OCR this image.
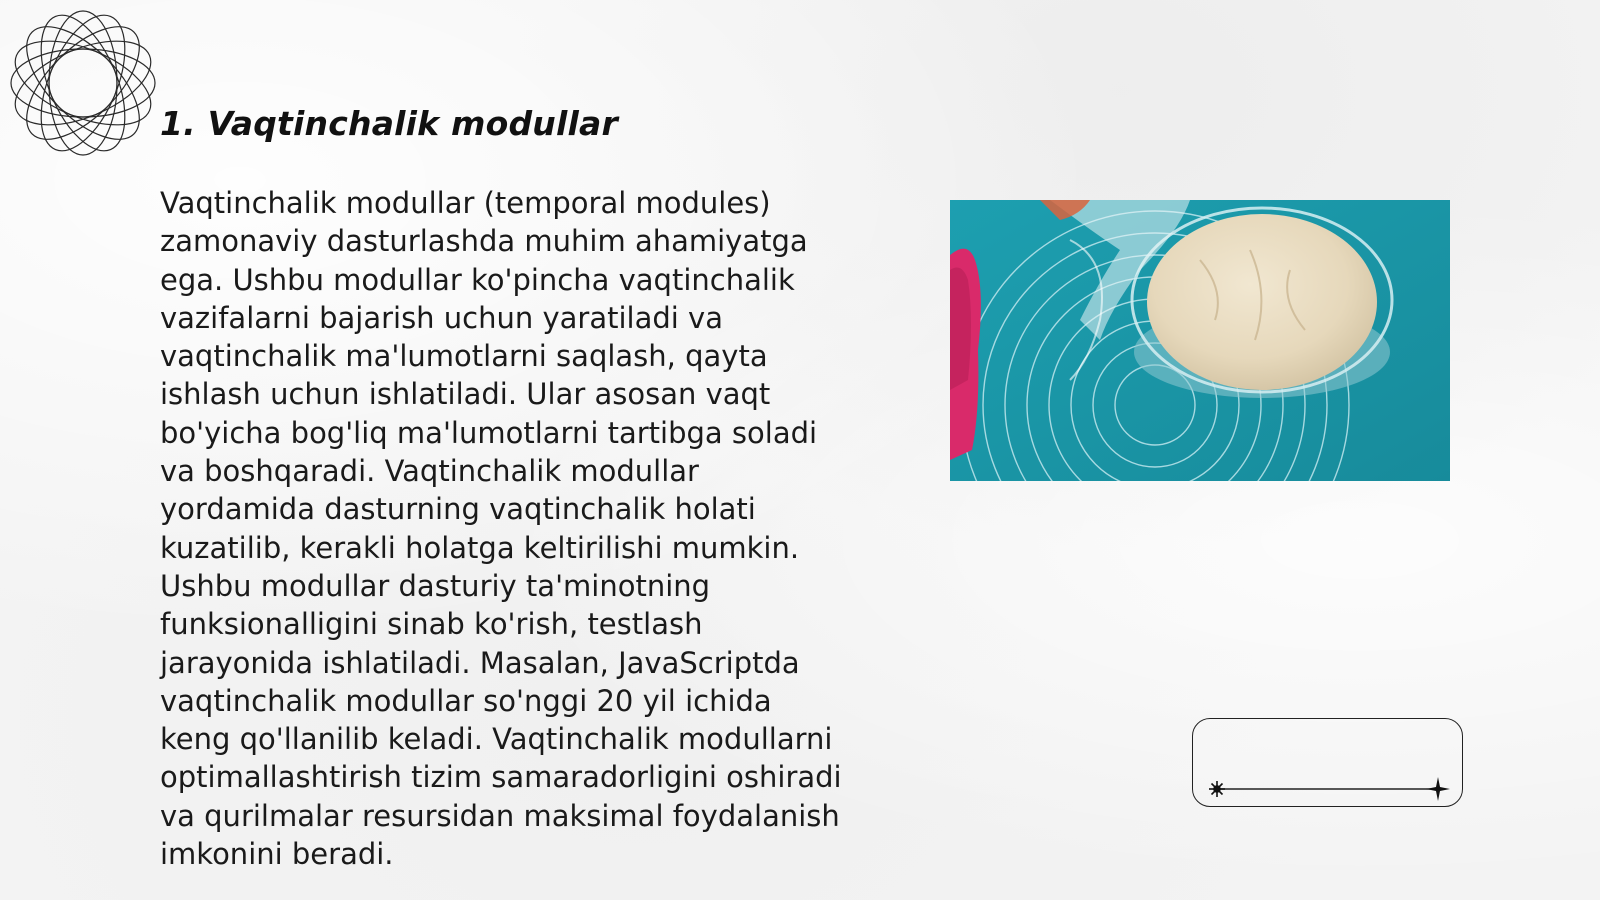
1. Vaqtinchalik modullar

Vaqtinchalik modullar (temporal modules) zamonaviy dasturlashda muhim ahamiyatga ega. Ushbu modullar ko'pincha vaqtinchalik vazifalarni bajarish uchun yaratiladi va vaqtinchalik ma'lumotlarni saqlash, qayta ishlash uchun ishlatiladi. Ular asosan vaqt bo'yicha bog'liq ma'lumotlarni tartibga soladi va boshqaradi. Vaqtinchalik modullar yordamida dasturning vaqtinchalik holati kuzatilib, kerakli holatga keltirilishi mumkin. Ushbu modullar dasturiy ta'minotning funksionalligini sinab ko'rish, testlash jarayonida ishlatiladi. Masalan, JavaScriptda vaqtinchalik modullar so'nggi 20 yil ichida keng qo'llanilib keladi. Vaqtinchalik modullarni optimallashtirish tizim samaradorligini oshiradi va qurilmalar resursidan maksimal foydalanish imkonini beradi.
